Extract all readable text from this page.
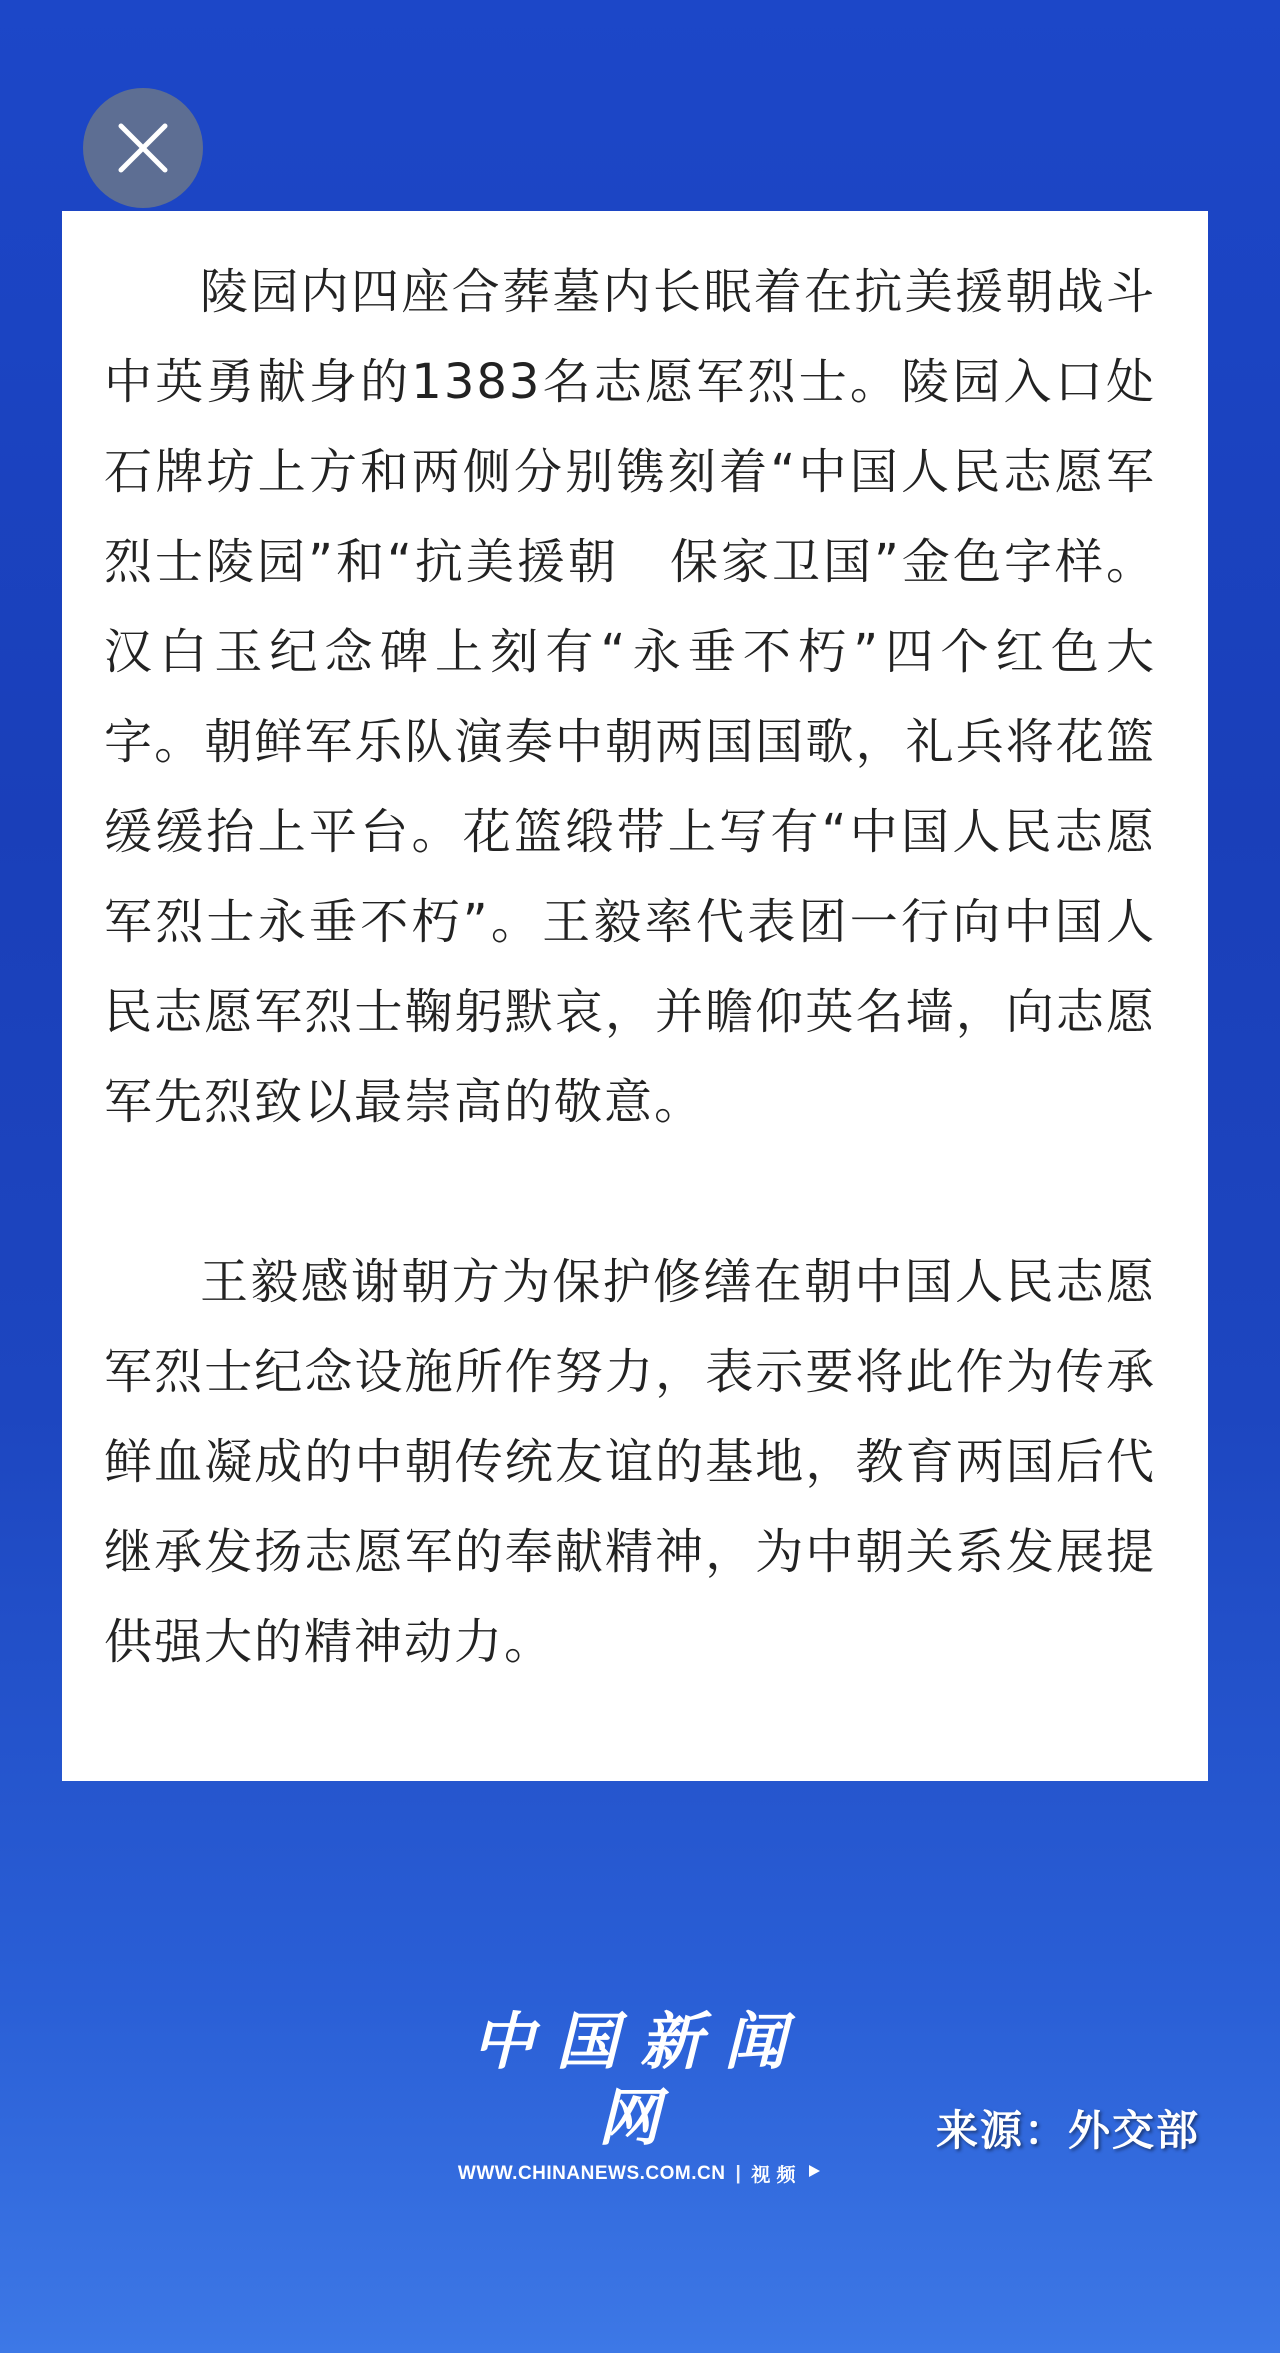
陵园内四座合葬墓内长眠着在抗美援朝战斗中英勇献身的1383名志愿军烈士。陵园入口处石牌坊上方和两侧分别镌刻着“中国人民志愿军烈士陵园”和“抗美援朝　保家卫国”金色字样。汉白玉纪念碑上刻有“永垂不朽”四个红色大字。朝鲜军乐队演奏中朝两国国歌，礼兵将花篮缓缓抬上平台。花篮缎带上写有“中国人民志愿军烈士永垂不朽”。王毅率代表团一行向中国人民志愿军烈士鞠躬默哀，并瞻仰英名墙，向志愿军先烈致以最崇高的敬意。

王毅感谢朝方为保护修缮在朝中国人民志愿军烈士纪念设施所作努力，表示要将此作为传承鲜血凝成的中朝传统友谊的基地，教育两国后代继承发扬志愿军的奉献精神，为中朝关系发展提供强大的精神动力。

中国新闻网
WWW.CHINANEWS.COM.CN | 视 频
来源：外交部
